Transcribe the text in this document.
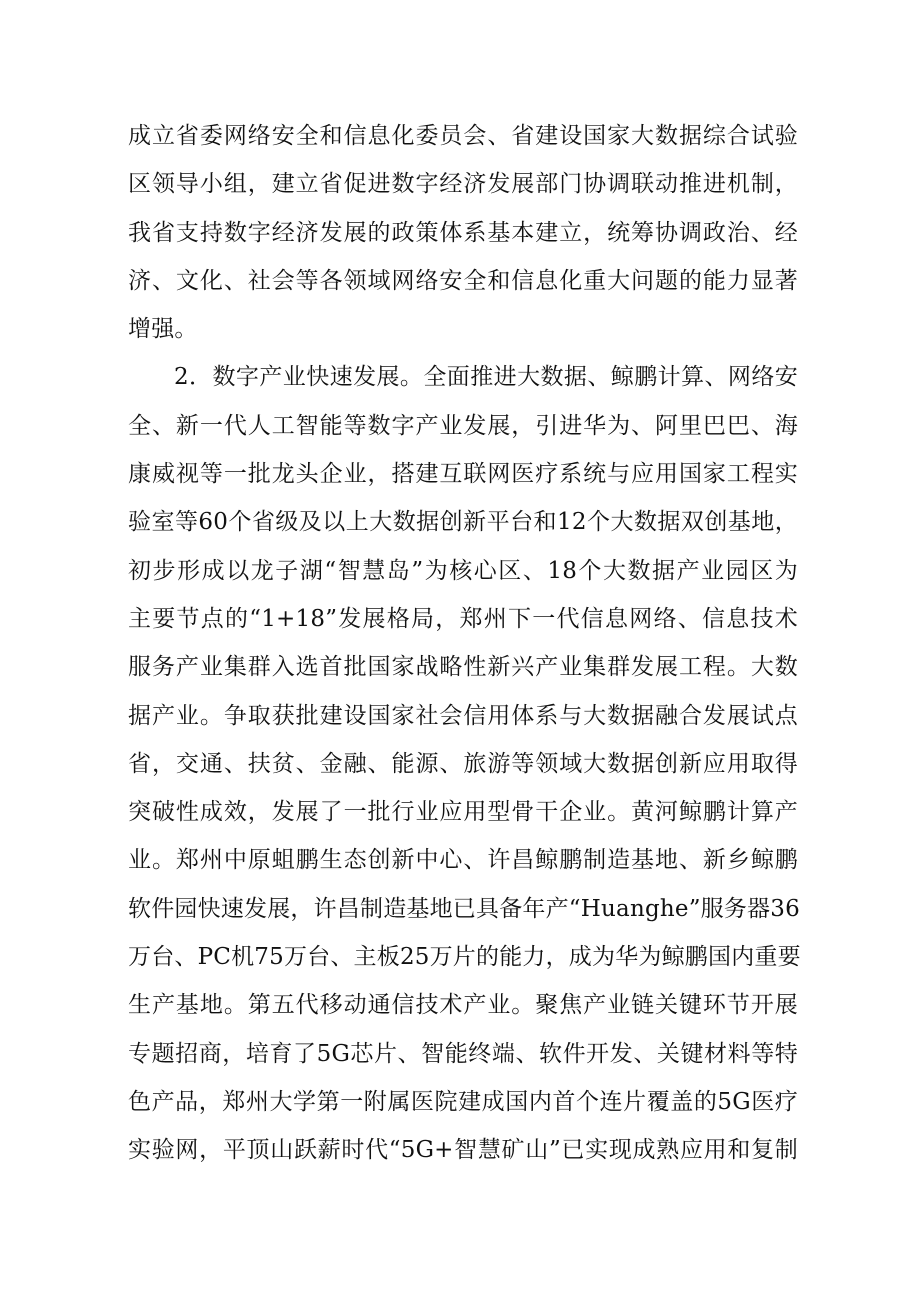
成立省委网络安全和信息化委员会、省建设国家大数据综合试验
区领导小组，建立省促进数字经济发展部门协调联动推进机制，
我省支持数字经济发展的政策体系基本建立，统筹协调政治、经
济、文化、社会等各领域网络安全和信息化重大问题的能力显著
增强。
2．数字产业快速发展。全面推进大数据、鲸鹏计算、网络安
全、新一代人工智能等数字产业发展，引进华为、阿里巴巴、海
康威视等一批龙头企业，搭建互联网医疗系统与应用国家工程实
验室等60个省级及以上大数据创新平台和12个大数据双创基地，
初步形成以龙子湖“智慧岛”为核心区、18个大数据产业园区为
主要节点的“1+18”发展格局，郑州下一代信息网络、信息技术
服务产业集群入选首批国家战略性新兴产业集群发展工程。大数
据产业。争取获批建设国家社会信用体系与大数据融合发展试点
省，交通、扶贫、金融、能源、旅游等领域大数据创新应用取得
突破性成效，发展了一批行业应用型骨干企业。黄河鲸鹏计算产
业。郑州中原蛆鹏生态创新中心、许昌鲸鹏制造基地、新乡鲸鹏
软件园快速发展，许昌制造基地已具备年产“Huanghe”服务器36
万台、PC机75万台、主板25万片的能力，成为华为鲸鹏国内重要
生产基地。第五代移动通信技术产业。聚焦产业链关键环节开展
专题招商，培育了5G芯片、智能终端、软件开发、关键材料等特
色产品，郑州大学第一附属医院建成国内首个连片覆盖的5G医疗
实验网，平顶山跃薪时代“5G+智慧矿山”已实现成熟应用和复制
